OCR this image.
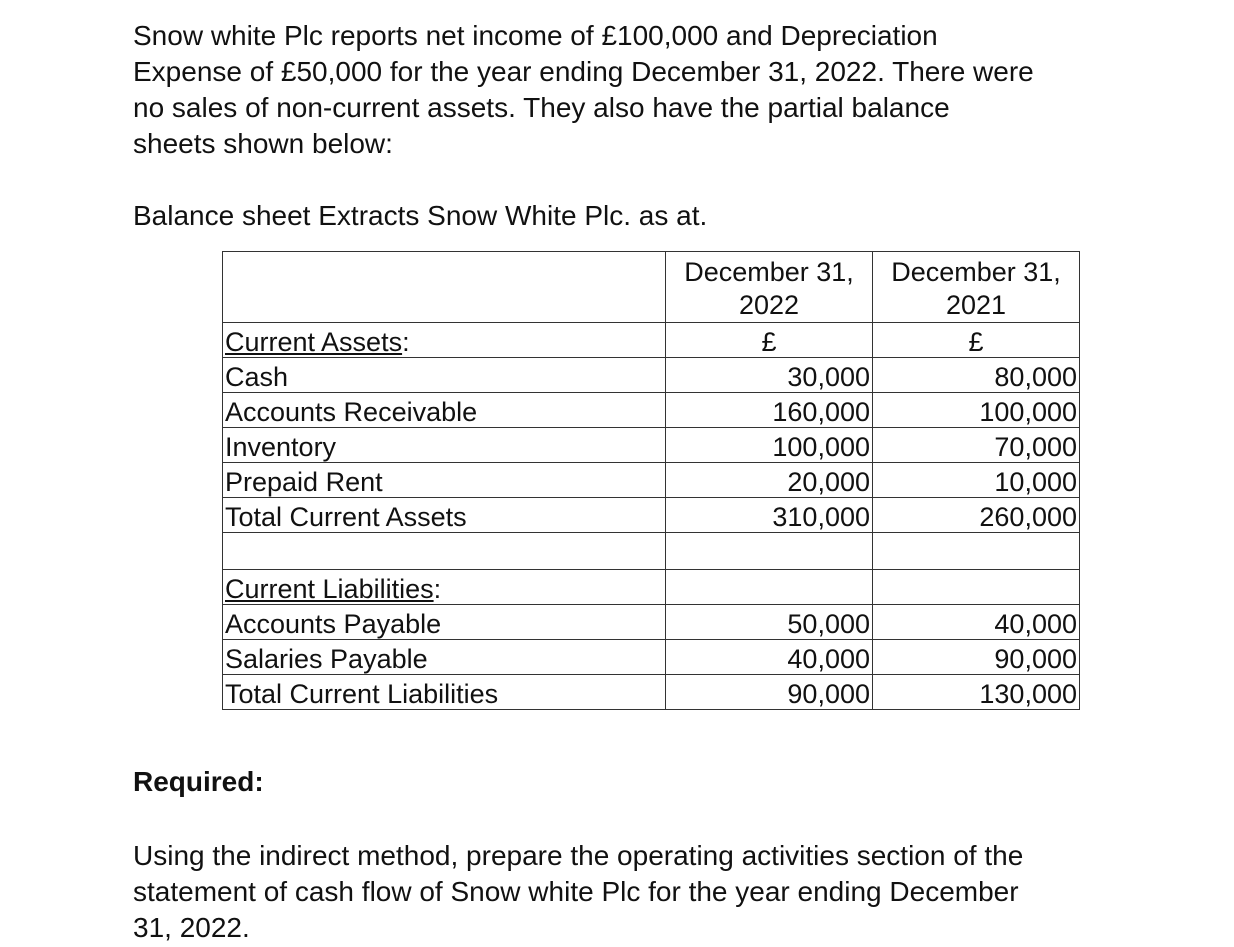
Snow white Plc reports net income of £100,000 and Depreciation
Expense of £50,000 for the year ending December 31, 2022. There were
no sales of non-current assets. They also have the partial balance
sheets shown below:
Balance sheet Extracts Snow White Plc. as at.
	December 31, 2022	December 31, 2021
Current Assets:	£	£
Cash	30,000	80,000
Accounts Receivable	160,000	100,000
Inventory	100,000	70,000
Prepaid Rent	20,000	10,000
Total Current Assets	310,000	260,000

Current Liabilities:		
Accounts Payable	50,000	40,000
Salaries Payable	40,000	90,000
Total Current Liabilities	90,000	130,000
Required:
Using the indirect method, prepare the operating activities section of the
statement of cash flow of Snow white Plc for the year ending December
31, 2022.
